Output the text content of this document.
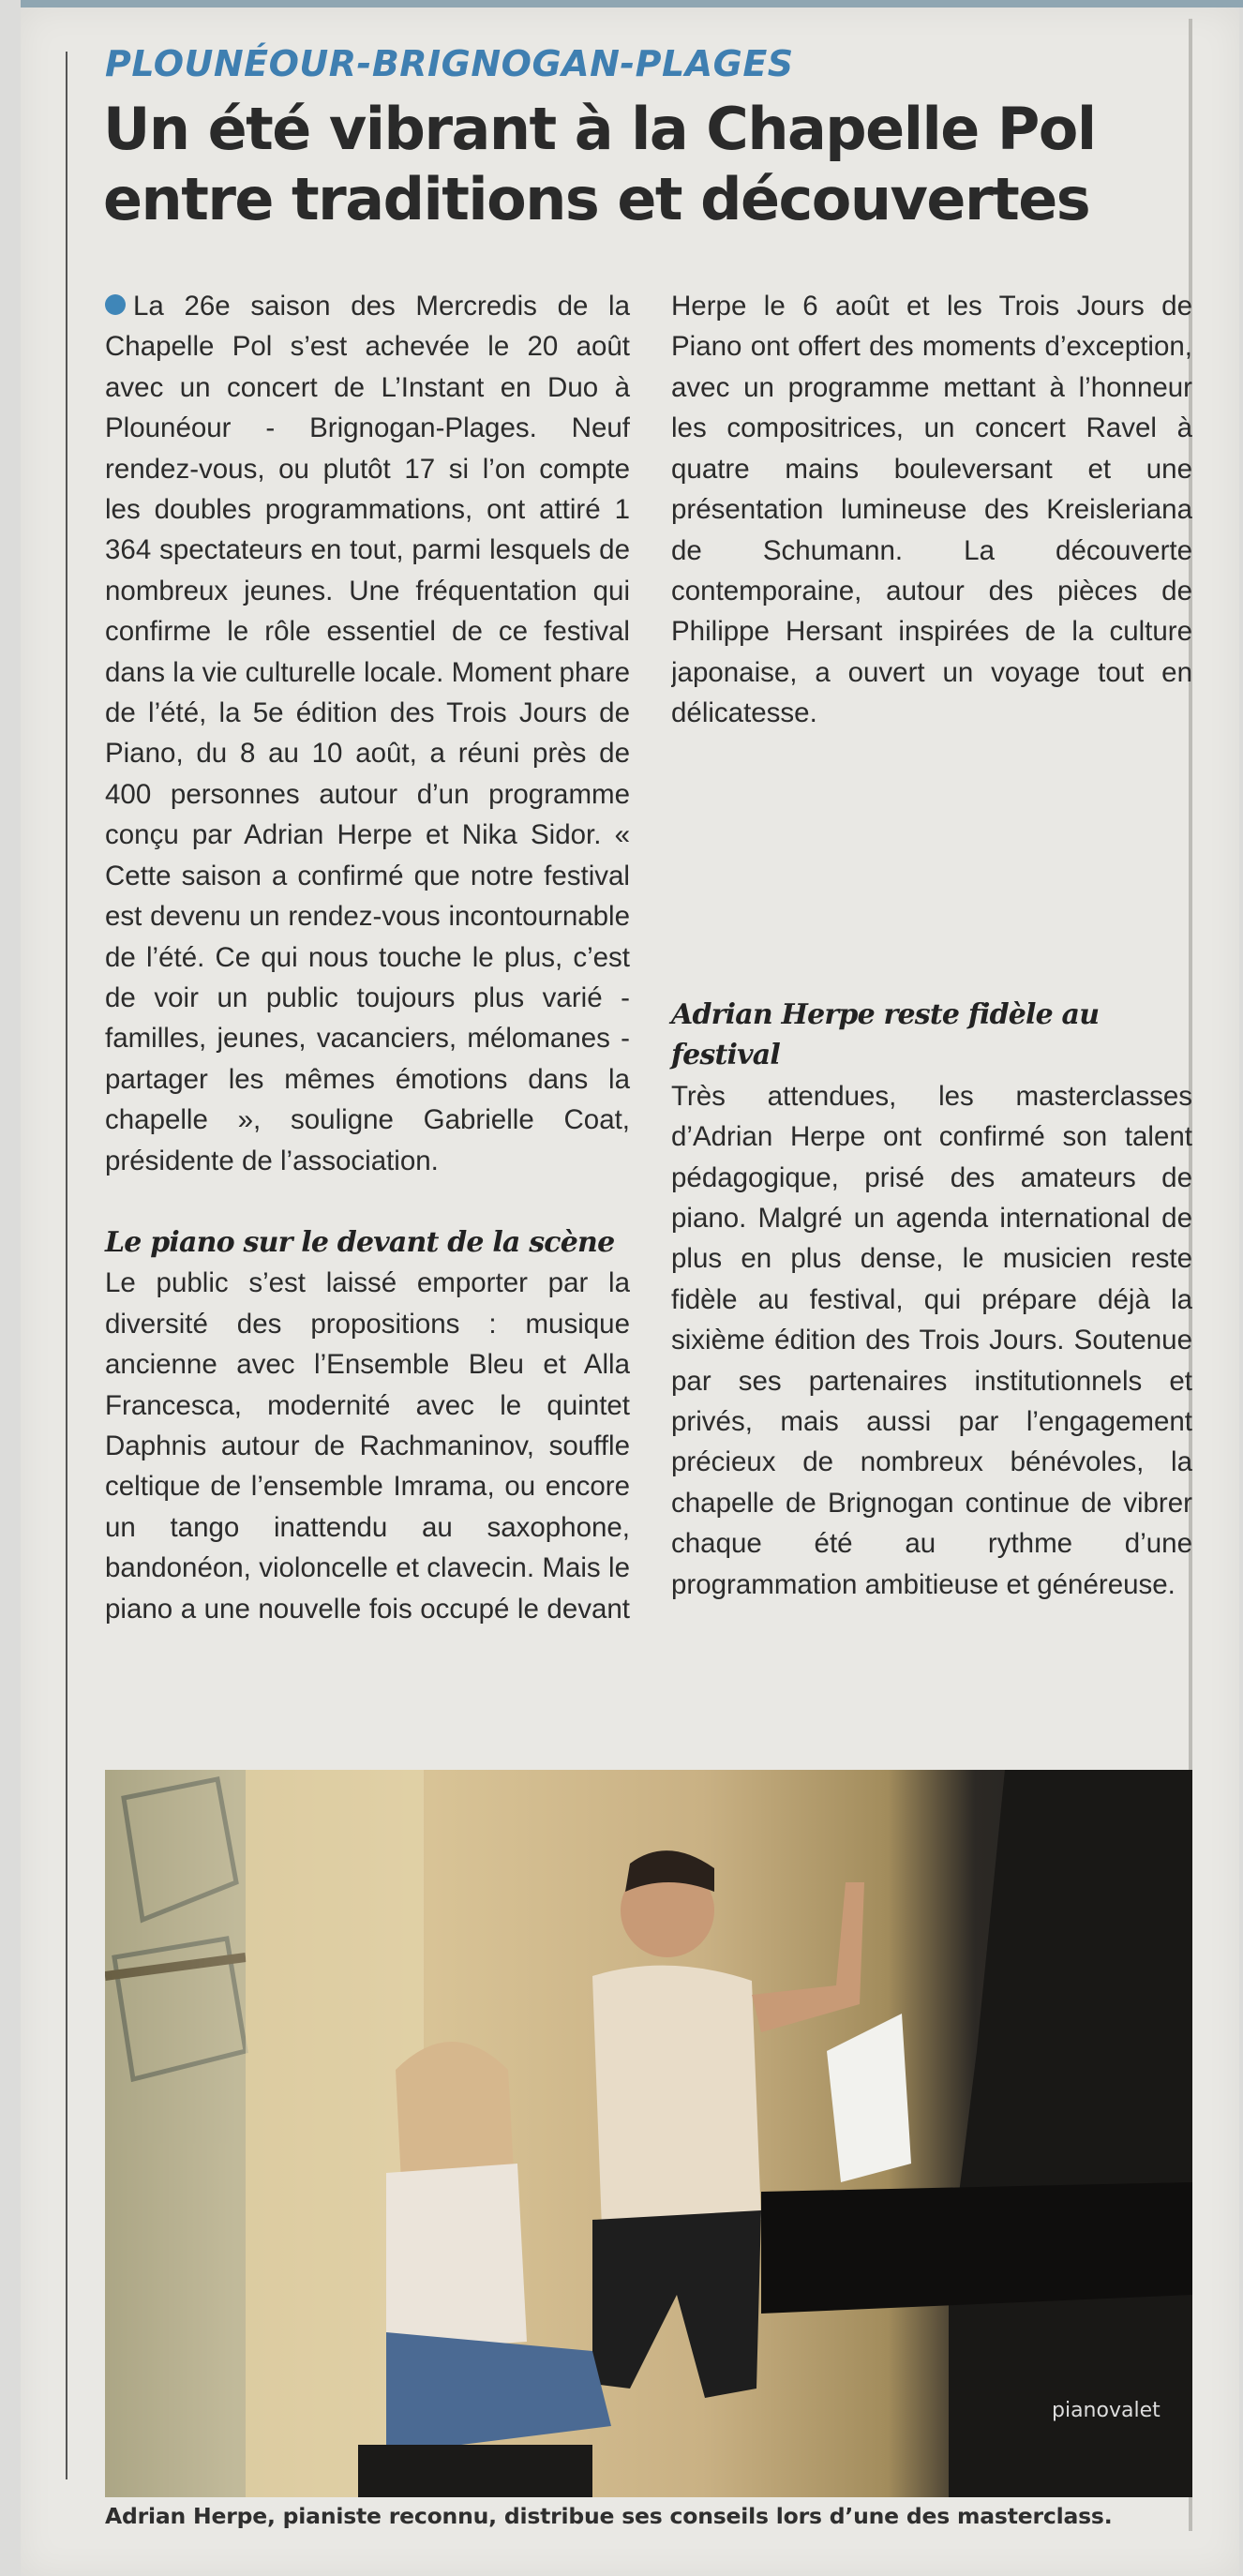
PLOUNÉOUR-BRIGNOGAN-PLAGES
Un été vibrant à la Chapelle Pol entre traditions et découvertes

La 26e saison des Mercredis de la Chapelle Pol s’est achevée le 20 août avec un concert de L’Instant en Duo à Plounéour - Brignogan-Plages. Neuf rendez-vous, ou plutôt 17 si l’on compte les doubles programmations, ont attiré 1 364 spectateurs en tout, parmi lesquels de nombreux jeunes. Une fréquentation qui confirme le rôle essentiel de ce festival dans la vie culturelle locale. Moment phare de l’été, la 5e édition des Trois Jours de Piano, du 8 au 10 août, a réuni près de 400 personnes autour d’un programme conçu par Adrian Herpe et Nika Sidor. « Cette saison a confirmé que notre festival est devenu un rendez-vous incontournable de l’été. Ce qui nous touche le plus, c’est de voir un public toujours plus varié - familles, jeunes, vacanciers, mélomanes - partager les mêmes émotions dans la chapelle », souligne Gabrielle Coat, présidente de l’association.

Le piano sur le devant de la scène

Le public s’est laissé emporter par la diversité des propositions : musique ancienne avec l’Ensemble Bleu et Alla Francesca, modernité avec le quintet Daphnis autour de Rachmaninov, souffle celtique de l’ensemble Imrama, ou encore un tango inattendu au saxophone, bandonéon, violoncelle et clavecin. Mais le piano a une nouvelle fois occupé le devant

Herpe le 6 août et les Trois Jours de Piano ont offert des moments d’exception, avec un programme mettant à l’honneur les compositrices, un concert Ravel à quatre mains bouleversant et une présentation lumineuse des Kreisleriana de Schumann. La découverte contemporaine, autour des pièces de Philippe Hersant inspirées de la culture japonaise, a ouvert un voyage tout en délicatesse.

Adrian Herpe reste fidèle au festival

Très attendues, les masterclasses d’Adrian Herpe ont confirmé son talent pédagogique, prisé des amateurs de piano. Malgré un agenda international de plus en plus dense, le musicien reste fidèle au festival, qui prépare déjà la sixième édition des Trois Jours. Soutenue par ses partenaires institutionnels et privés, mais aussi par l’engagement précieux de nombreux bénévoles, la chapelle de Brignogan continue de vibrer chaque été au rythme d’une programmation ambitieuse et généreuse.

pianovalet
Adrian Herpe, pianiste reconnu, distribue ses conseils lors d’une des masterclass.
